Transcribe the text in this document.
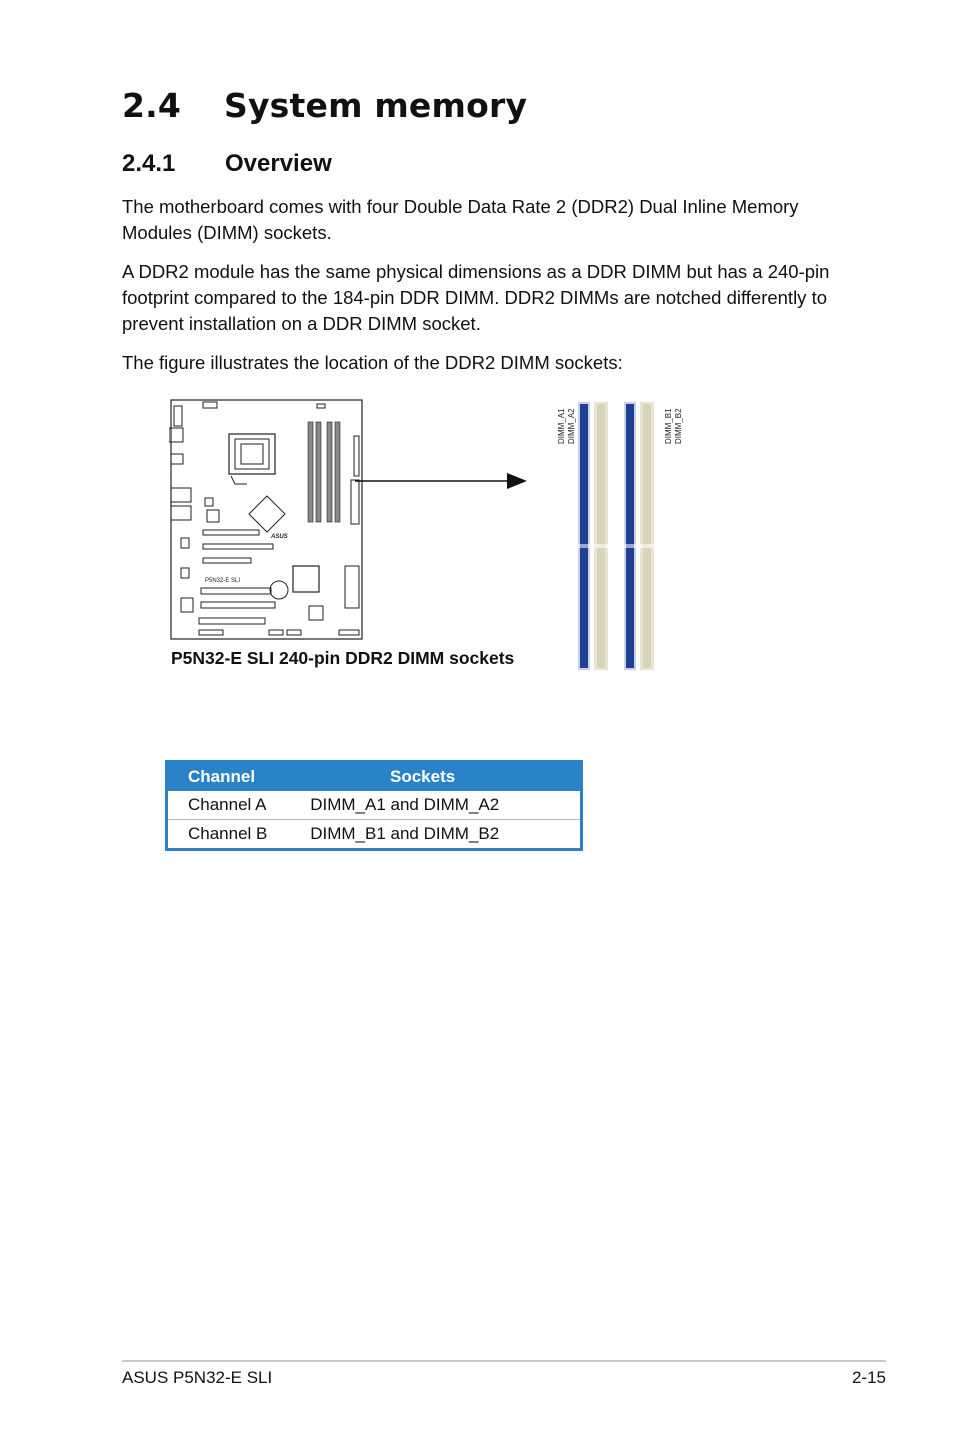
2.4 System memory
2.4.1 Overview

The motherboard comes with four Double Data Rate 2 (DDR2) Dual Inline Memory Modules (DIMM) sockets.

A DDR2 module has the same physical dimensions as a DDR DIMM but has a 240-pin footprint compared to the 184-pin DDR DIMM. DDR2 DIMMs are notched differently to prevent installation on a DDR DIMM socket.

The figure illustrates the location of the DDR2 DIMM sockets:

ASUS
P5N32-E SLI
DIMM_A1 DIMM_A2	DIMM_B1 DIMM_B2
P5N32-E SLI 240-pin DDR2 DIMM sockets
Channel	Sockets
Channel A	DIMM_A1 and DIMM_A2
Channel B	DIMM_B1 and DIMM_B2
ASUS P5N32-E SLI	2-15
